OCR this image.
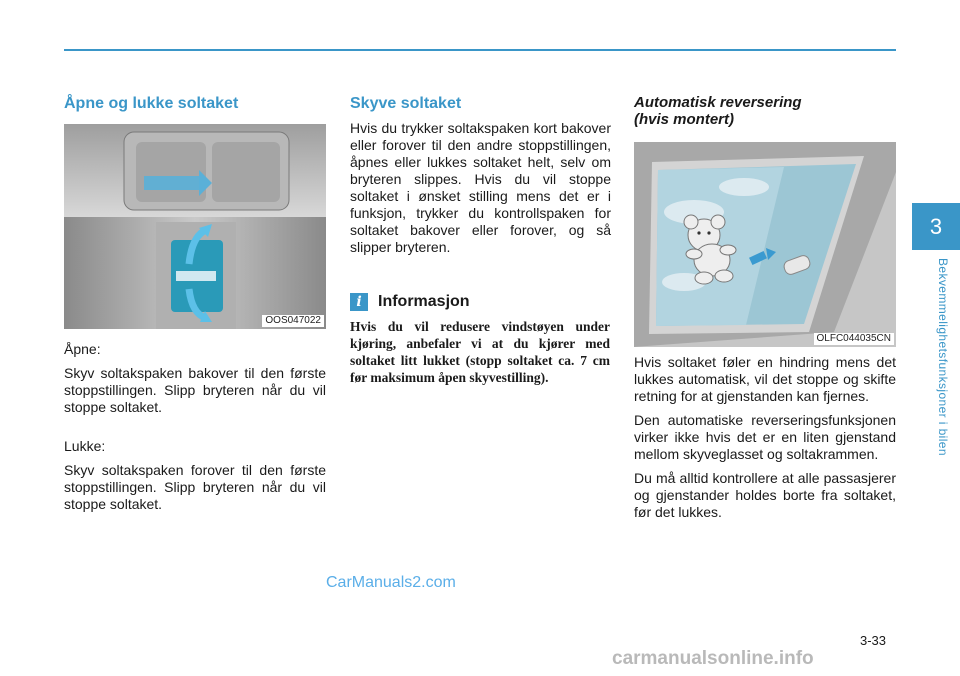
Åpne og lukke soltaket
OOS047022

Åpne:

Skyv soltakspaken bakover til den første stoppstillingen. Slipp bryteren når du vil stoppe soltaket.

Lukke:

Skyv soltakspaken forover til den første stoppstillingen. Slipp bryteren når du vil stoppe soltaket.

Skyve soltaket

Hvis du trykker soltakspaken kort bakover eller forover til den andre stoppstillingen, åpnes eller lukkes soltaket helt, selv om bryteren slippes. Hvis du vil stoppe soltaket i ønsket stilling mens det er i funksjon, trykker du kontrollspaken for soltaket bakover eller forover, og så slipper bryteren.

i	Informasjon

Hvis du vil redusere vindstøyen under kjøring, anbefaler vi at du kjører med soltaket litt lukket (stopp soltaket ca. 7 cm før maksimum åpen skyvestilling).

Automatisk reversering
(hvis montert)
OLFC044035CN

Hvis soltaket føler en hindring mens det lukkes automatisk, vil det stoppe og skifte retning for at gjenstanden kan fjernes.

Den automatiske reverseringsfunksjonen virker ikke hvis det er en liten gjenstand mellom skyveglasset og soltakrammen.

Du må alltid kontrollere at alle passasjerer og gjenstander holdes borte fra soltaket, før det lukkes.

3
Bekvemmelighetsfunksjoner i bilen
3-33
CarManuals2.com
carmanualsonline.info
